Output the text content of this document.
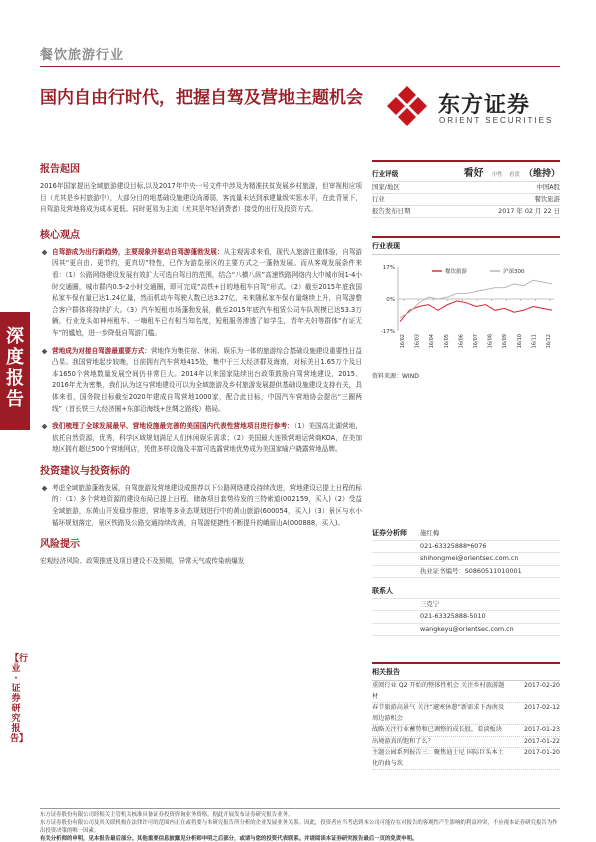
餐饮旅游行业
国内自由行时代，把握自驾及营地主题机会	东方证券
ORIENT SECURITIES
深度报告
【行业·证券研究报告】
报告起因
2016年国家提出全域旅游建设目标,以及2017年中央一号文件中涉及为精准扶贫发展乡村旅游，但审视相应项目（尤其是乡村旅游中），大部分目的地基础设施建设尚薄弱，客流量未达到承建量级实惩水平，在此背景下，自驾游及营地将成为成本更低、同时更易为主流（尤其是年轻消费者）接受的出行及投资方式。
核心观点
自驾游成为出行新趋势，主要现象并驱动自驾游蓬勃发展：从主观需求来看，现代人旅游注重体验，自驾游因其“更自由、更节约，更真切”特性，已作为游览景区的主要方式之一蓬勃发展。而从客观发展条件来看：（1）公路网络建设发展有效扩大可选自驾目的范围，结合“八横八纵”高速铁路网络内大中城市间1-4小时交通圈，城市群内0.5-2小时交通圈，即可完成“高铁+目的地租车自驾”形式。（2）截至2015年底我国私家车保有量已达1.24亿量，然而机动车驾驶人数已达3.27亿，未来随私家车保有量继续上升，自驾游整合客户群体将持续扩大。（3）汽车短租市场蓬勃发展，截至2015年底汽车租赁公司车队规模已达53.3万辆，行业龙头如神州租车、一嗨租车已有相当知名度，短租服务渗透了如学生，青年夫妇等群体“有证无车”的尴尬，进一步降低自驾游门槛。
营地成为对接自驾游最重要方式：营地作为集住宿、休闲、娱乐为一体的旅游综合基础设施建设重要性日益凸显。我国营地起步较晚，目前拥有汽车营地415处，集中于三大经济群及海南，对标美日1.65万个及日本1650个营地数量发展空间仍非常巨大。2014年以来国家陆续出台政策鼓励自驾营地建设，2015、2016年尤为密集，我们认为这与营地建设可以为全域旅游及乡村旅游发展提供基础设施建设支持有关，具体来看，国务院目标截至2020年建成自驾营地1000家，配合此目标，中国汽车营地协会提出“三圈两线”（首长铁三大经济圈+东部沿海线+丝绸之路线）格局。
我们梳理了全球发展最早、营地设施最完善的美国国内代表性营地项目进行参考：（1）美国高北湖营地，依托自然资源，优秀，科学区域规划满足人们休闲娱乐需求；（2）美国最大连锁营地运营商KOA，在美加地区拥有超过500个营地网店，凭借多样设施及丰富可选露营地优势成为美国家喻户晓露营地品牌。
投资建议与投资标的
考虑全域旅游蓬勃发展，自驾旅游及营地建设成推荐以下公路网络建设持续改进，营地建设已提上日程的标的：（1）多个营地资源的建设布局已提上日程，储备项目套势待发的三特索道(002159，买入)（2）受益全域旅游，东黄山开发稳步推进，营地等多业态规划进行中的黄山旅游(600054，买入)（3）景区与水小循环规划落定，景区铁路及公路交通持续改善，自驾游便捷性不断提升的峨眉山A(000888，买入)。
风险提示
宏观经济风险、政策推进及项目建设不及预期，异常天气或传染病爆发
行业评级	看好 中性 看淡 （维持）
国家/地区	中国A股
行业	餐饮旅游
报告发布日期	2017 年 02 月 22 日
行业表现
17%
0%
-17%
16/02 16/03 16/04 16/05 16/06 16/07 16/08 16/09 16/10 16/11 16/12
餐饮旅游	沪深300
资料来源：WIND
证券分析师	施红梅
021-63325888*6076
shihongmei@orientsec.com.cn
执业证书编号：S0860511010001
联系人
三克宁
021-63325888-5010
wangkeyu@orientsec.com.cn
相关报告
重阅行业 Q2 开始的整体性机会 关注乡村旅游题材
2017-02-20
春节旅游高景气 关注“避寒休憩”新需求下海南及周边游机会
2017-02-12
战略关注行业蓄势和已调整的成长股，看淡板块	2017-01-23
出境游真的饱和了么？	2017-01-22
主题公园系列报告三：聚焦迪士尼 国际巨头本土化的曲与坎
2017-01-20
东方证券股份有限公司经相关主管机关核准具备证券投资咨询业务资格，据此开展发布证券研究报告业务。
东方证券股份有限公司及其关联机构在法律许可的范围内正在或将要与本研究报告所分析的企业发展业务关系。因此，投资者应当考虑到本公司可能存在对报告的客观性产生影响的利益冲突，不应视本证券研究报告为作出投资决策的唯一因素。
有关分析师的申明，见本报告最后部分。其他重要信息披露见分析师申明之后部分，或请与您的投资代表联系。并请阅读本证券研究报告最后一页的免责申明。
